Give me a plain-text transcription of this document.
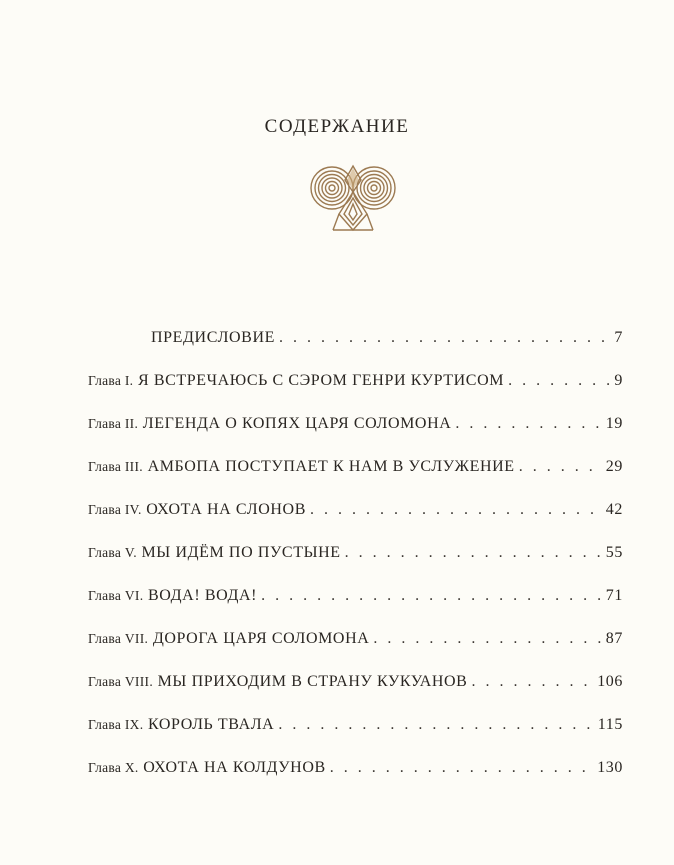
СОДЕРЖАНИЕ
ПРЕДИСЛОВИЕ . . .	7
Глава I. Я ВСТРЕЧАЮСЬ С СЭРОМ ГЕНРИ КУРТИСОМ . . .	9
Глава II. ЛЕГЕНДА О КОПЯХ ЦАРЯ СОЛОМОНА . . .	19
Глава III. АМБОПА ПОСТУПАЕТ К НАМ В УСЛУЖЕНИЕ . . .	29
Глава IV. ОХОТА НА СЛОНОВ . . .	42
Глава V. МЫ ИДЁМ ПО ПУСТЫНЕ . . .	55
Глава VI. ВОДА! ВОДА! . . .	71
Глава VII. ДОРОГА ЦАРЯ СОЛОМОНА . . .	87
Глава VIII. МЫ ПРИХОДИМ В СТРАНУ КУКУАНОВ . . .	106
Глава IX. КОРОЛЬ ТВАЛА . . .	115
Глава X. ОХОТА НА КОЛДУНОВ . . .	130
